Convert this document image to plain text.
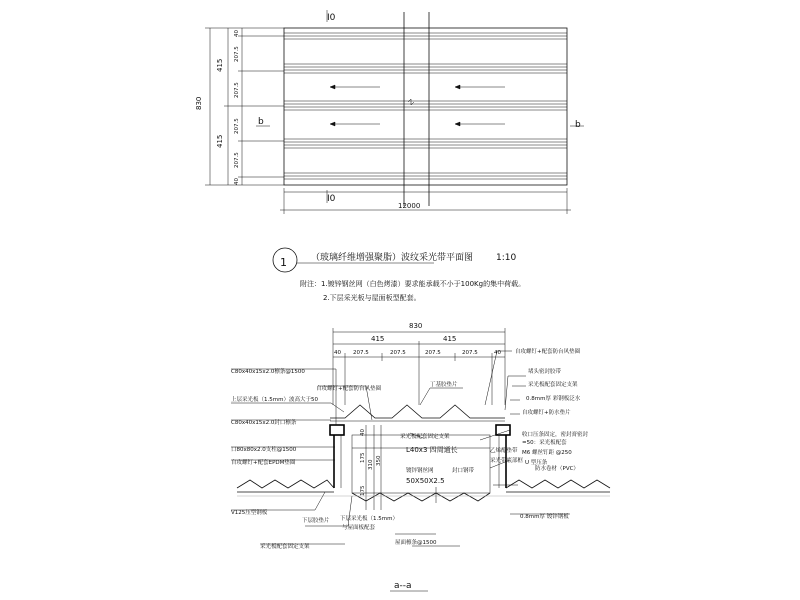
Ⅰ0
Ⅰ0
b	b
830
415
415
40
207.5
207.5
207.5
207.5
40
12000
1	（玻璃纤维增强聚脂）波纹采光带平面图	1:10
附注：1.镀锌钢丝网（白色烤漆）要求能承载不小于100Kg的集中荷载。
2.下层采光板与屋面板型配套。
830
415	415
40 207.5	207.5	207.5	207.5	40
40
175
310 350
175
C80x40x15x2.0檩条@1500
自攻螺钉+配套防台风垫圈
上层采光板（1.5mm）波高大于50
C80x40x15x2.0封口檩条
口80x80x2.0支柱@1500
自攻螺钉+配套EPDM垫圈
V125压型钢板
下层胶垫片
采光板配套固定支架
丁基胶垫片
采光板配套固定支架
L40x3 四周通长
镀锌钢丝网
50X50X2.5
封口钢带
下层采光板（1.5mm）
与屋面板配套
屋面檩条@1500
自攻螺钉+配套防台风垫圈
堵头密封胶带
采光板配套固定支架
0.8mm厚 彩钢板泛水
自攻螺钉+防水垫片
收口压条固定，密封膏密封
=50：采光板配套
乙烯醇垫带 M6 螺丝钉距 @250
U 型压条
防水卷材（PVC）
采光带底部框
0.8mm厚 镀锌钢板
a--a
